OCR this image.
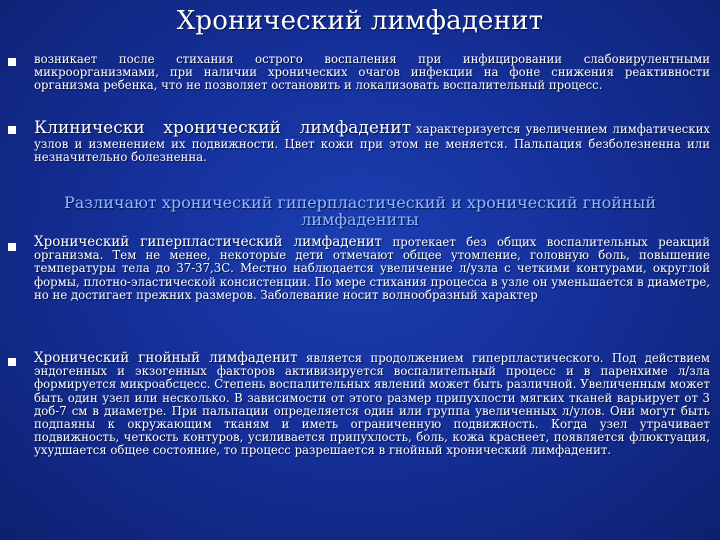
Хронический лимфаденит
возникает после стихания острого воспаления при инфицировании слабовирулентными микроорганизмами, при наличии хронических очагов инфекции на фоне снижения реактивности организма ребенка, что не позволяет остановить и локализовать воспалительный процесс.
Клинически хронический лимфаденит характеризуется увеличением лимфатических узлов и изменением их подвижности. Цвет кожи при этом не меняется. Пальпация безболезненна или незначительно болезненна.
Различают хронический гиперпластический и хронический гнойный лимфадениты
Хронический гиперпластический лимфаденит протекает без общих воспалительных реакций организма. Тем не менее, некоторые дети отмечают общее утомление, головную боль, повышение температуры тела до 37-37,3С. Местно наблюдается увеличение л/узла с четкими контурами, округлой формы, плотно-эластической консистенции. По мере стихания процесса в узле он уменьшается в диаметре, но не достигает прежних размеров. Заболевание носит волнообразный характер
Хронический гнойный лимфаденит является продолжением гиперпластического. Под действием эндогенных и экзогенных факторов активизируется воспалительный процесс и в паренхиме л/зла формируется микроабсцесс. Степень воспалительных явлений может быть различной. Увеличенным может быть один узел или несколько. В зависимости от этого размер припухлости мягких тканей варьирует от 3 доб-7 см в диаметре. При пальпации определяется один или группа увеличенных л/улов. Они могут быть подпаяны к окружающим тканям и иметь ограниченную подвижность. Когда узел утрачивает подвижность, четкость контуров, усиливается припухлость, боль, кожа краснеет, появляется флюктуация, ухудшается общее состояние, то процесс разрешается в гнойный хронический лимфаденит.
